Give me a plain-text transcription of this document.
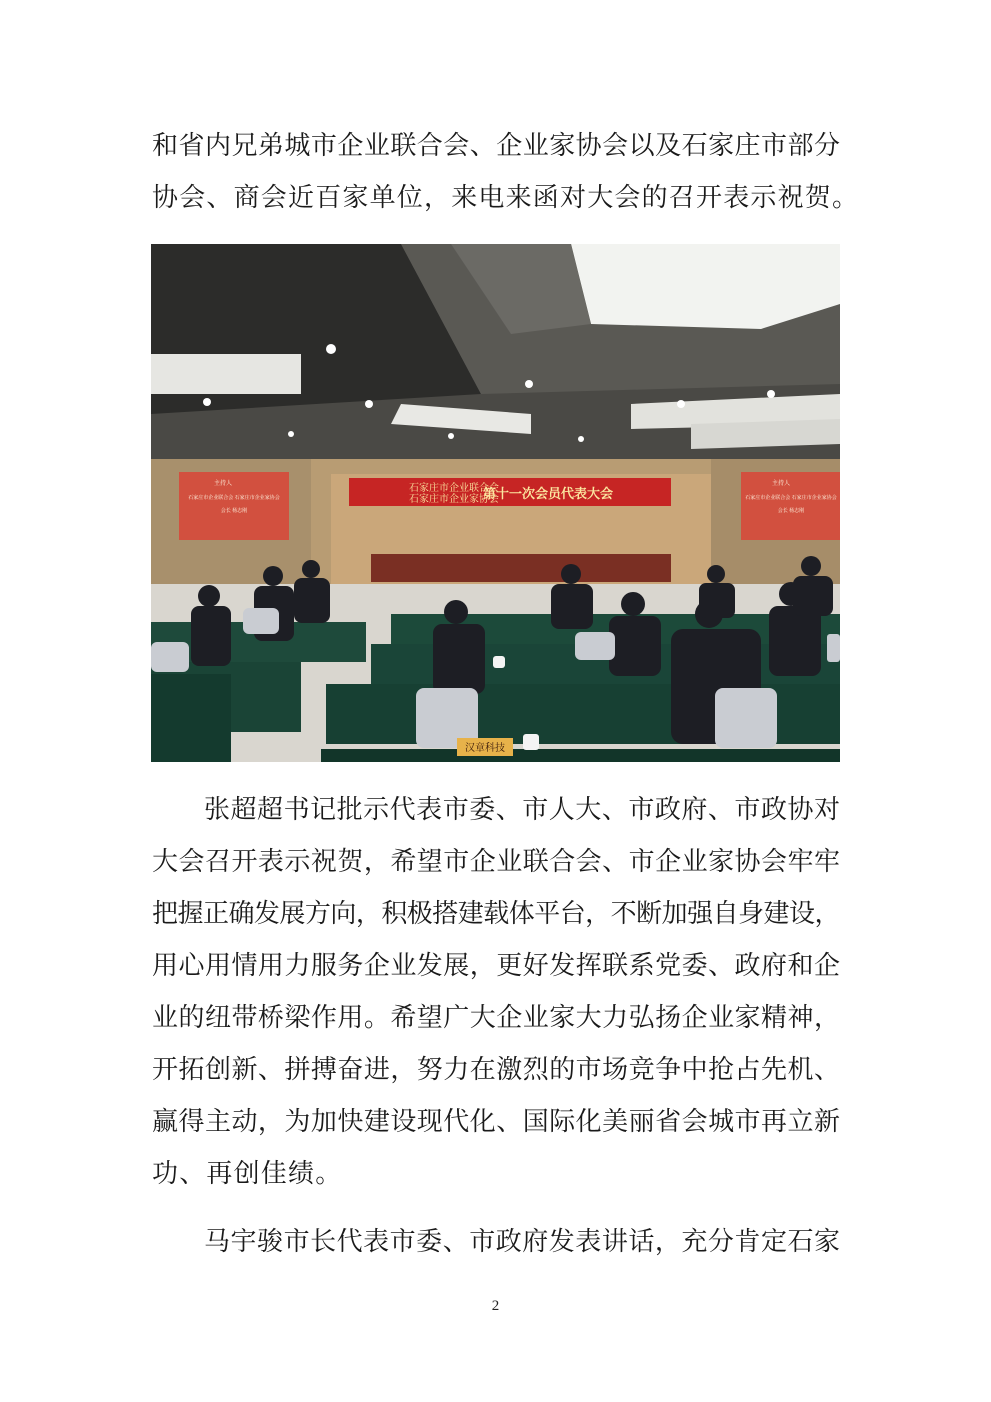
和省内兄弟城市企业联合会、企业家协会以及石家庄市部分
协会、商会近百家单位，来电来函对大会的召开表示祝贺。

石家庄市企业联合会
石家庄市企业家协会
第十一次会员代表大会
主持人
石家庄市企业联合会 石家庄市企业家协会
会长 杨志刚
主持人
石家庄市企业联合会 石家庄市企业家协会
会长 杨志刚
汉章科技

张超超书记批示代表市委、市人大、市政府、市政协对
大会召开表示祝贺，希望市企业联合会、市企业家协会牢牢
把握正确发展方向，积极搭建载体平台，不断加强自身建设，
用心用情用力服务企业发展，更好发挥联系党委、政府和企
业的纽带桥梁作用。希望广大企业家大力弘扬企业家精神，
开拓创新、拼搏奋进，努力在激烈的市场竞争中抢占先机、
赢得主动，为加快建设现代化、国际化美丽省会城市再立新
功、再创佳绩。

马宇骏市长代表市委、市政府发表讲话，充分肯定石家

2
